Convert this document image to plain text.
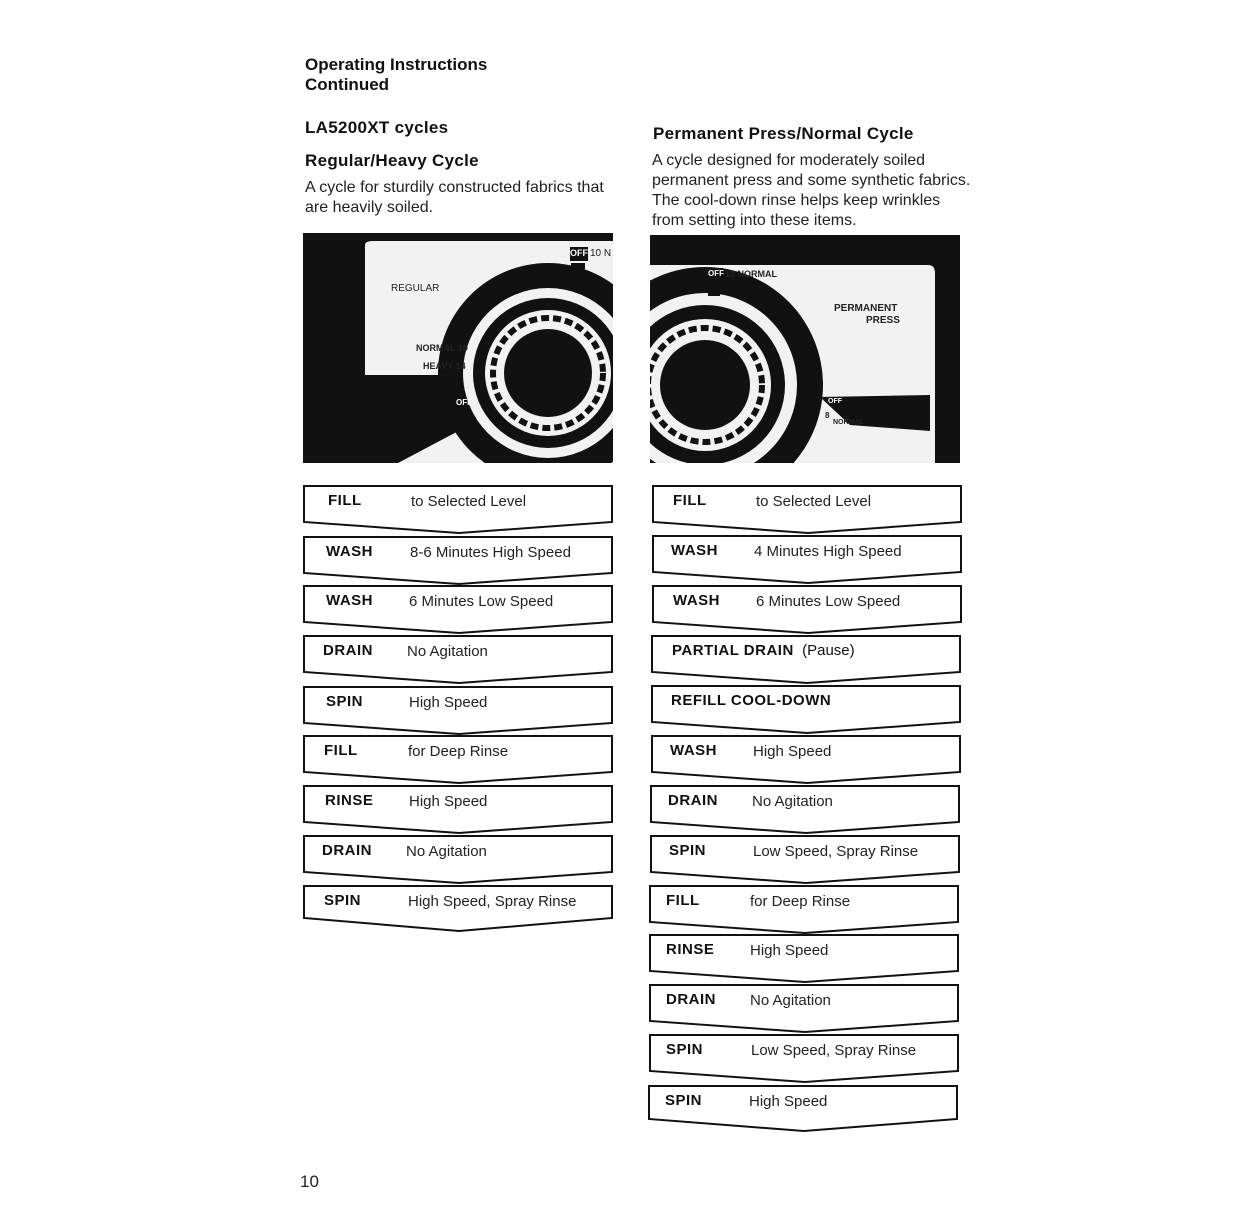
Operating Instructions
Continued
LA5200XT cycles
Regular/Heavy Cycle
A cycle for sturdily constructed fabrics that are heavily soiled.
Permanent Press/Normal Cycle
A cycle designed for moderately soiled permanent press and some synthetic fabrics. The cool-down rinse helps keep wrinkles from setting into these items.
REGULAR
NORMAL 10
HEAVY 14
OFF
OFF 10 N
OFF 10 NORMAL
PERMANENT
PRESS
OFF
8
NORMAL
FILL	to Selected Level
WASH 8-6 Minutes High Speed
WASH 6 Minutes Low Speed
DRAIN No Agitation
SPIN	High Speed
FILL	for Deep Rinse
RINSE High Speed
DRAIN No Agitation
SPIN	High Speed, Spray Rinse
FILL	to Selected Level
WASH 4 Minutes High Speed
WASH 6 Minutes Low Speed
PARTIAL DRAIN (Pause)
REFILL COOL-DOWN
WASH High Speed
DRAIN No Agitation
SPIN	Low Speed, Spray Rinse
FILL	for Deep Rinse
RINSE High Speed
DRAIN No Agitation
SPIN	Low Speed, Spray Rinse
SPIN	High Speed
10
